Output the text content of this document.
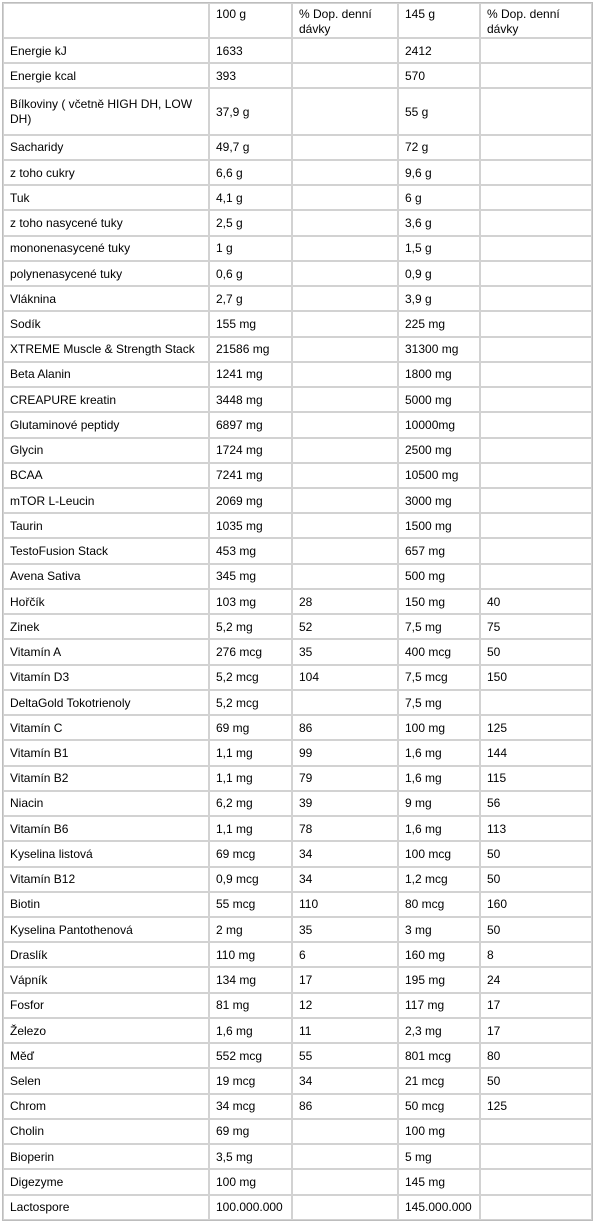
	100 g	% Dop. denní dávky	145 g	% Dop. denní dávky
Energie kJ	1633		2412	
Energie kcal	393		570	
Bílkoviny ( včetně HIGH DH, LOW DH)	37,9 g		55 g	
Sacharidy	49,7 g		72 g	
z toho cukry	6,6 g		9,6 g	
Tuk	4,1 g		6 g	
z toho nasycené tuky	2,5 g		3,6 g	
mononenasycené tuky	1 g		1,5 g	
polynenasycené tuky	0,6 g		0,9 g	
Vláknina	2,7 g		3,9 g	
Sodík	155 mg		225 mg	
XTREME Muscle & Strength Stack	21586 mg		31300 mg	
Beta Alanin	1241 mg		1800 mg	
CREAPURE kreatin	3448 mg		5000 mg	
Glutaminové peptidy	6897 mg		10000mg	
Glycin	1724 mg		2500 mg	
BCAA	7241 mg		10500 mg	
mTOR L-Leucin	2069 mg		3000 mg	
Taurin	1035 mg		1500 mg	
TestoFusion Stack	453 mg		657 mg	
Avena Sativa	345 mg		500 mg	
Hořčík	103 mg	28	150 mg	40
Zinek	5,2 mg	52	7,5 mg	75
Vitamín A	276 mcg	35	400 mcg	50
Vitamín D3	5,2 mcg	104	7,5 mcg	150
DeltaGold Tokotrienoly	5,2 mcg		7,5 mg	
Vitamín C	69 mg	86	100 mg	125
Vitamín B1	1,1 mg	99	1,6 mg	144
Vitamín B2	1,1 mg	79	1,6 mg	115
Niacin	6,2 mg	39	9 mg	56
Vitamín B6	1,1 mg	78	1,6 mg	113
Kyselina listová	69 mcg	34	100 mcg	50
Vitamín B12	0,9 mcg	34	1,2 mcg	50
Biotin	55 mcg	110	80 mcg	160
Kyselina Pantothenová	2 mg	35	3 mg	50
Draslík	110 mg	6	160 mg	8
Vápník	134 mg	17	195 mg	24
Fosfor	81 mg	12	117 mg	17
Železo	1,6 mg	11	2,3 mg	17
Měď	552 mcg	55	801 mcg	80
Selen	19 mcg	34	21 mcg	50
Chrom	34 mcg	86	50 mcg	125
Cholin	69 mg		100 mg	
Bioperin	3,5 mg		5 mg	
Digezyme	100 mg		145 mg	
Lactospore	100.000.000		145.000.000	
